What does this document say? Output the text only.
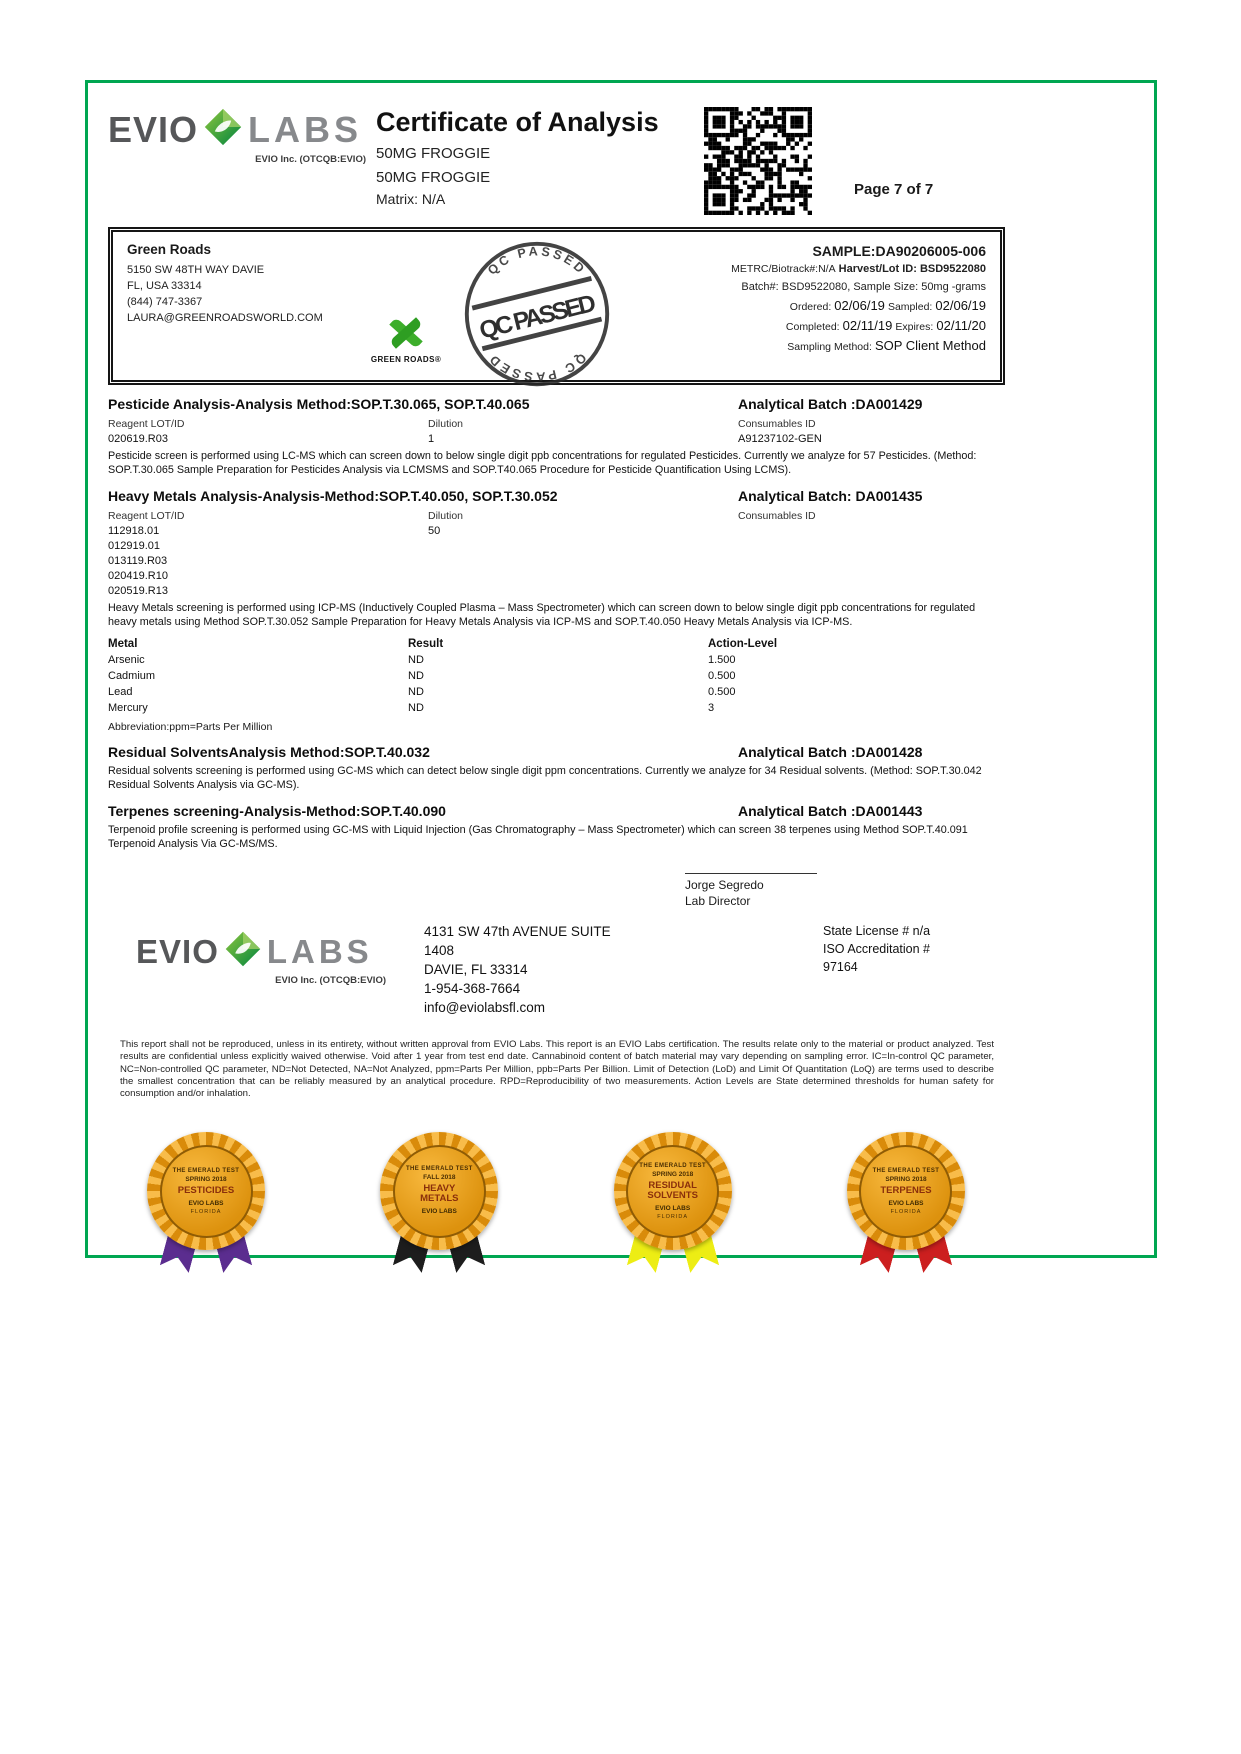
EVIO LABS
EVIO Inc. (OTCQB:EVIO)
Certificate of Analysis
50MG FROGGIE
50MG FROGGIE
Matrix: N/A
Page 7 of 7
Green Roads
5150 SW 48TH WAY DAVIE
FL, USA 33314
(844) 747-3367
LAURA@GREENROADSWORLD.COM
GREEN ROADS®
QC PASSED
QC PASSED
QC PASSED
SAMPLE:DA90206005-006
METRC/Biotrack#:N/A Harvest/Lot ID: BSD9522080
Batch#: BSD9522080, Sample Size: 50mg -grams
Ordered: 02/06/19 Sampled: 02/06/19
Completed: 02/11/19 Expires: 02/11/20
Sampling Method: SOP Client Method
Pesticide Analysis-Analysis Method:SOP.T.30.065, SOP.T.40.065	Analytical Batch :DA001429
Reagent LOT/ID	Dilution	Consumables ID
020619.R03	1	A91237102-GEN

Pesticide screen is performed using LC-MS which can screen down to below single digit ppb concentrations for regulated Pesticides. Currently we analyze for 57 Pesticides. (Method: SOP.T.30.065 Sample Preparation for Pesticides Analysis via LCMSMS and SOP.T40.065 Procedure for Pesticide Quantification Using LCMS).

Heavy Metals Analysis-Analysis-Method:SOP.T.40.050, SOP.T.30.052	Analytical Batch: DA001435
Reagent LOT/ID	Dilution	Consumables ID
112918.01	50
012919.01
013119.R03
020419.R10
020519.R13

Heavy Metals screening is performed using ICP-MS (Inductively Coupled Plasma – Mass Spectrometer) which can screen down to below single digit ppb concentrations for regulated heavy metals using Method SOP.T.30.052 Sample Preparation for Heavy Metals Analysis via ICP-MS and SOP.T.40.050 Heavy Metals Analysis via ICP-MS.

Metal	Result	Action-Level
Arsenic	ND	1.500
Cadmium	ND	0.500
Lead	ND	0.500
Mercury	ND	3

Abbreviation:ppm=Parts Per Million

Residual SolventsAnalysis Method:SOP.T.40.032	Analytical Batch :DA001428

Residual solvents screening is performed using GC-MS which can detect below single digit ppm concentrations. Currently we analyze for 34 Residual solvents. (Method: SOP.T.30.042 Residual Solvents Analysis via GC-MS).

Terpenes screening-Analysis-Method:SOP.T.40.090	Analytical Batch :DA001443

Terpenoid profile screening is performed using GC-MS with Liquid Injection (Gas Chromatography – Mass Spectrometer) which can screen 38 terpenes using Method SOP.T.40.091 Terpenoid Analysis Via GC-MS/MS.

Jorge Segredo
Lab Director
EVIO LABS
EVIO Inc. (OTCQB:EVIO)
4131 SW 47th AVENUE SUITE 1408
DAVIE, FL 33314
1-954-368-7664
info@eviolabsfl.com
State License # n/a
ISO Accreditation #
97164

This report shall not be reproduced, unless in its entirety, without written approval from EVIO Labs. This report is an EVIO Labs certification. The results relate only to the material or product analyzed. Test results are confidential unless explicitly waived otherwise. Void after 1 year from test end date. Cannabinoid content of batch material may vary depending on sampling error. IC=In-control QC parameter, NC=Non-controlled QC parameter, ND=Not Detected, NA=Not Analyzed, ppm=Parts Per Million, ppb=Parts Per Billion. Limit of Detection (LoD) and Limit Of Quantitation (LoQ) are terms used to describe the smallest concentration that can be reliably measured by an analytical procedure. RPD=Reproducibility of two measurements. Action Levels are State determined thresholds for human safety for consumption and/or inhalation.

THE EMERALD TEST
SPRING 2018
PESTICIDES
EVIO LABS
FLORIDA
THE EMERALD TEST
FALL 2018
HEAVY METALS
EVIO LABS
THE EMERALD TEST
SPRING 2018
RESIDUAL SOLVENTS
EVIO LABS
FLORIDA
THE EMERALD TEST
SPRING 2018
TERPENES
EVIO LABS
FLORIDA
